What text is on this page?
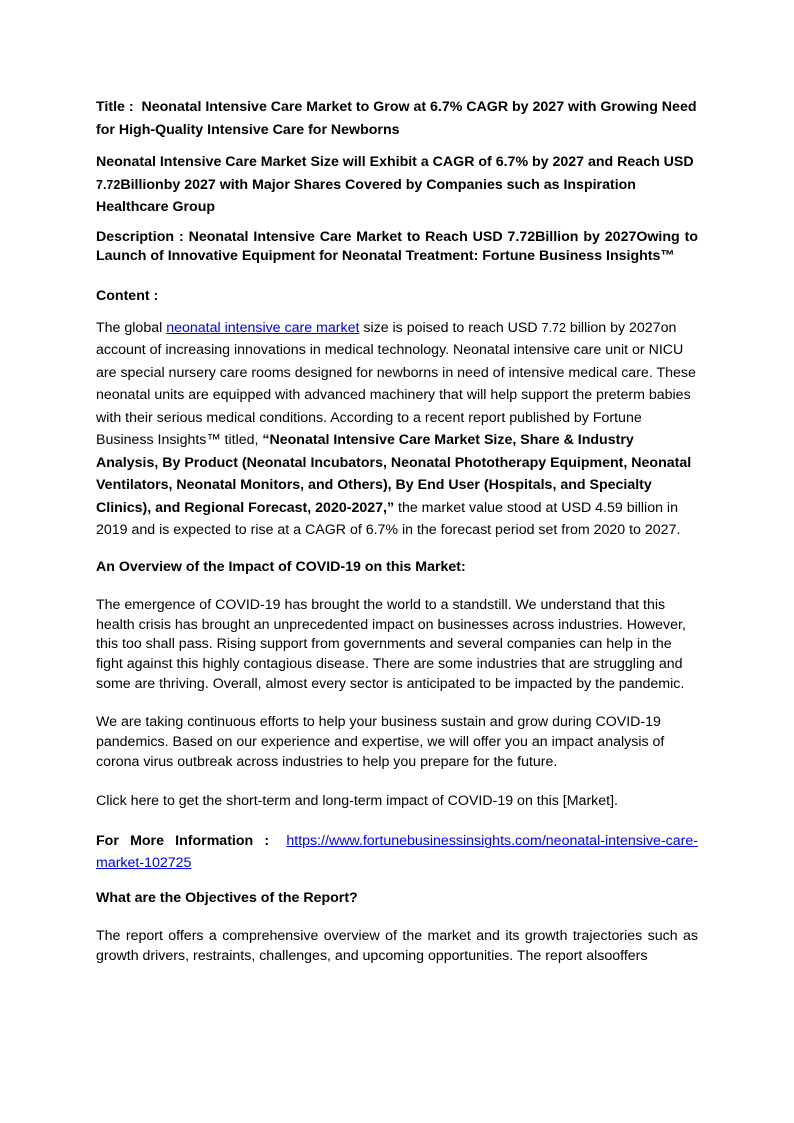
Title : Neonatal Intensive Care Market to Grow at 6.7% CAGR by 2027 with Growing Need for High-Quality Intensive Care for Newborns

Neonatal Intensive Care Market Size will Exhibit a CAGR of 6.7% by 2027 and Reach USD 7.72Billionby 2027 with Major Shares Covered by Companies such as Inspiration Healthcare Group

Description : Neonatal Intensive Care Market to Reach USD 7.72Billion by 2027Owing to Launch of Innovative Equipment for Neonatal Treatment: Fortune Business Insights™

Content :

The global neonatal intensive care market size is poised to reach USD 7.72 billion by 2027on account of increasing innovations in medical technology. Neonatal intensive care unit or NICU are special nursery care rooms designed for newborns in need of intensive medical care. These neonatal units are equipped with advanced machinery that will help support the preterm babies with their serious medical conditions. According to a recent report published by Fortune Business Insights™ titled, “Neonatal Intensive Care Market Size, Share & Industry Analysis, By Product (Neonatal Incubators, Neonatal Phototherapy Equipment, Neonatal Ventilators, Neonatal Monitors, and Others), By End User (Hospitals, and Specialty Clinics), and Regional Forecast, 2020-2027,” the market value stood at USD 4.59 billion in 2019 and is expected to rise at a CAGR of 6.7% in the forecast period set from 2020 to 2027.

An Overview of the Impact of COVID-19 on this Market:

The emergence of COVID-19 has brought the world to a standstill. We understand that this health crisis has brought an unprecedented impact on businesses across industries. However, this too shall pass. Rising support from governments and several companies can help in the fight against this highly contagious disease. There are some industries that are struggling and some are thriving. Overall, almost every sector is anticipated to be impacted by the pandemic.

We are taking continuous efforts to help your business sustain and grow during COVID-19 pandemics. Based on our experience and expertise, we will offer you an impact analysis of corona virus outbreak across industries to help you prepare for the future.

Click here to get the short-term and long-term impact of COVID-19 on this [Market].

For More Information : https://www.fortunebusinessinsights.com/neonatal-intensive-care-market-102725

What are the Objectives of the Report?

The report offers a comprehensive overview of the market and its growth trajectories such as growth drivers, restraints, challenges, and upcoming opportunities. The report alsooffers
